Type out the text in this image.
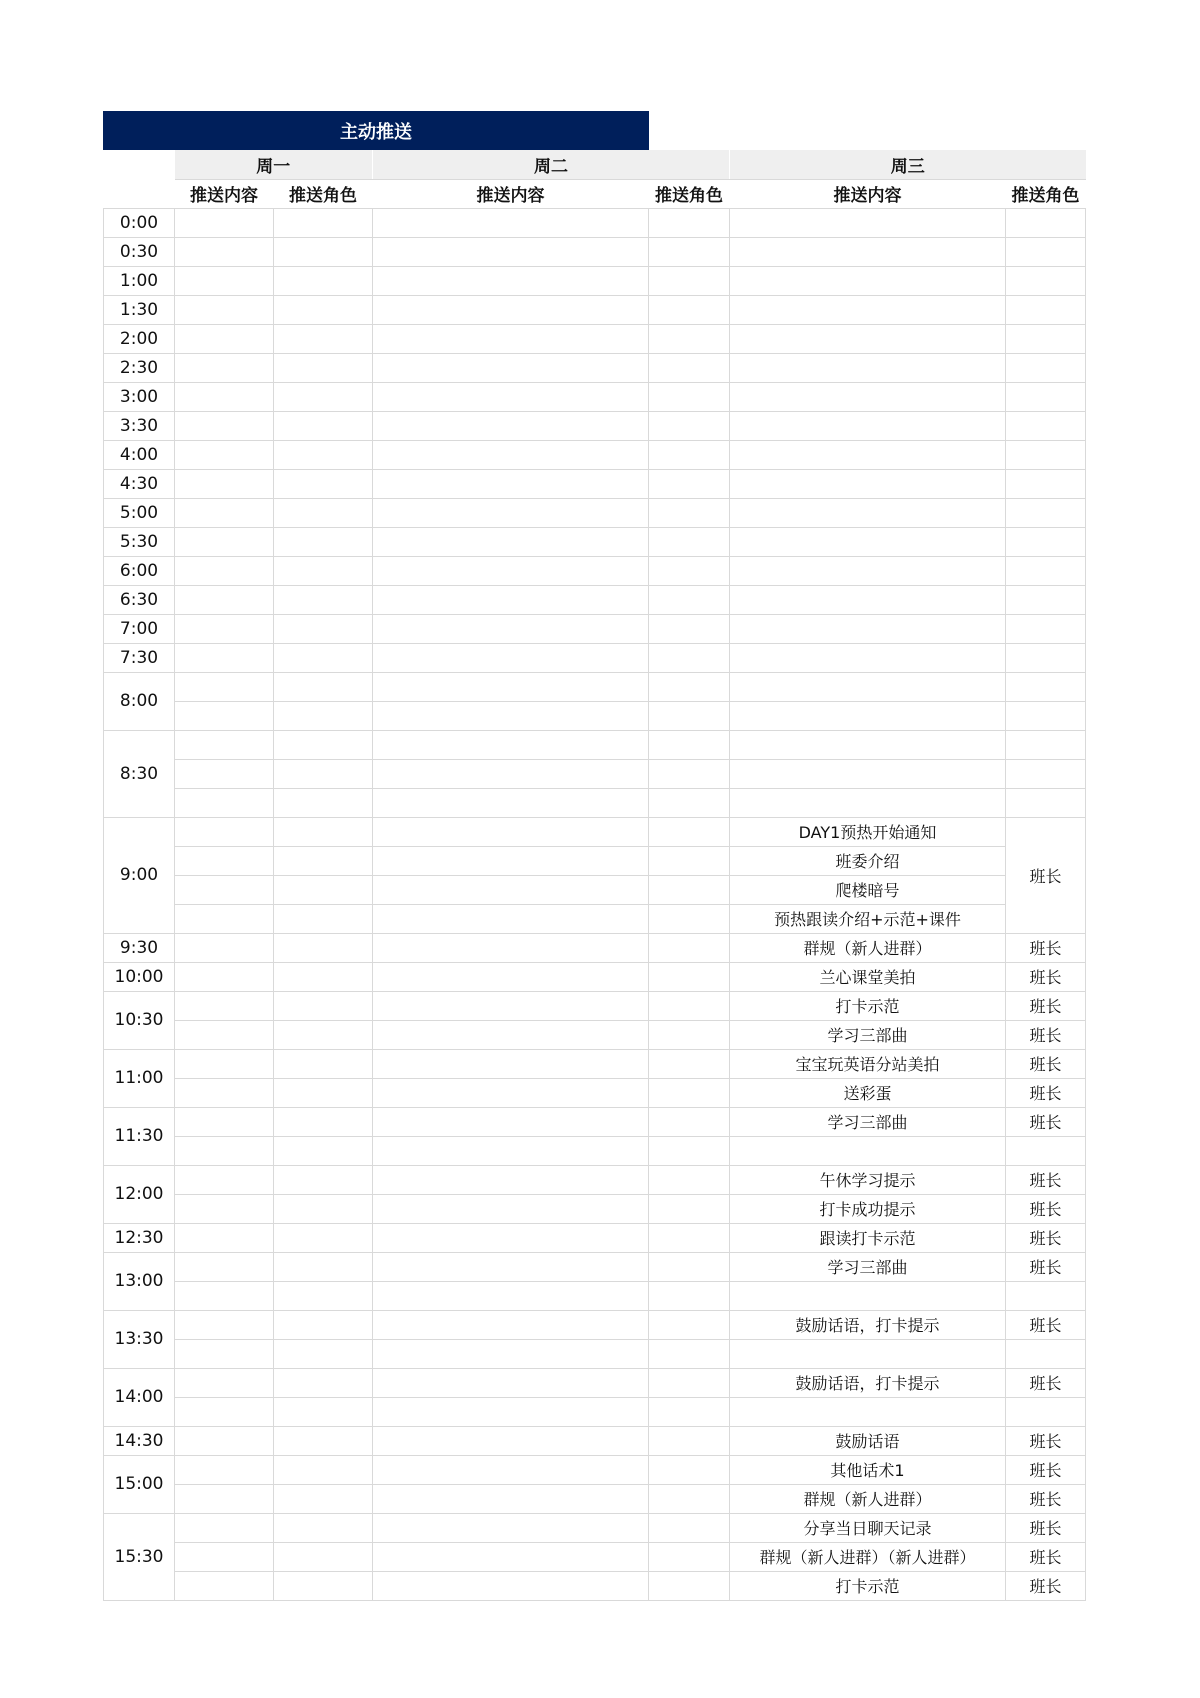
主动推送
	周一		周二		周三	
	推送内容	推送角色	推送内容	推送角色	推送内容	推送角色
0:00						
0:30						
1:00						
1:30						
2:00						
2:30						
3:00						
3:30						
4:00						
4:30						
5:00						
5:30						
6:00						
6:30						
7:00						
7:30						
8:00						

8:30						

9:00					DAY1预热开始通知	班长
					班委介绍	
					爬楼暗号	
					预热跟读介绍+示范+课件	
9:30					群规（新人进群）	班长
10:00					兰心课堂美拍	班长
10:30					打卡示范	班长
					学习三部曲	班长
11:00					宝宝玩英语分站美拍	班长
					送彩蛋	班长
11:30					学习三部曲	班长

12:00					午休学习提示	班长
					打卡成功提示	班长
12:30					跟读打卡示范	班长
13:00					学习三部曲	班长

13:30					鼓励话语，打卡提示	班长

14:00					鼓励话语，打卡提示	班长

14:30					鼓励话语	班长
15:00					其他话术1	班长
					群规（新人进群）	班长
15:30					分享当日聊天记录	班长
					群规（新人进群）（新人进群）	班长
					打卡示范	班长
